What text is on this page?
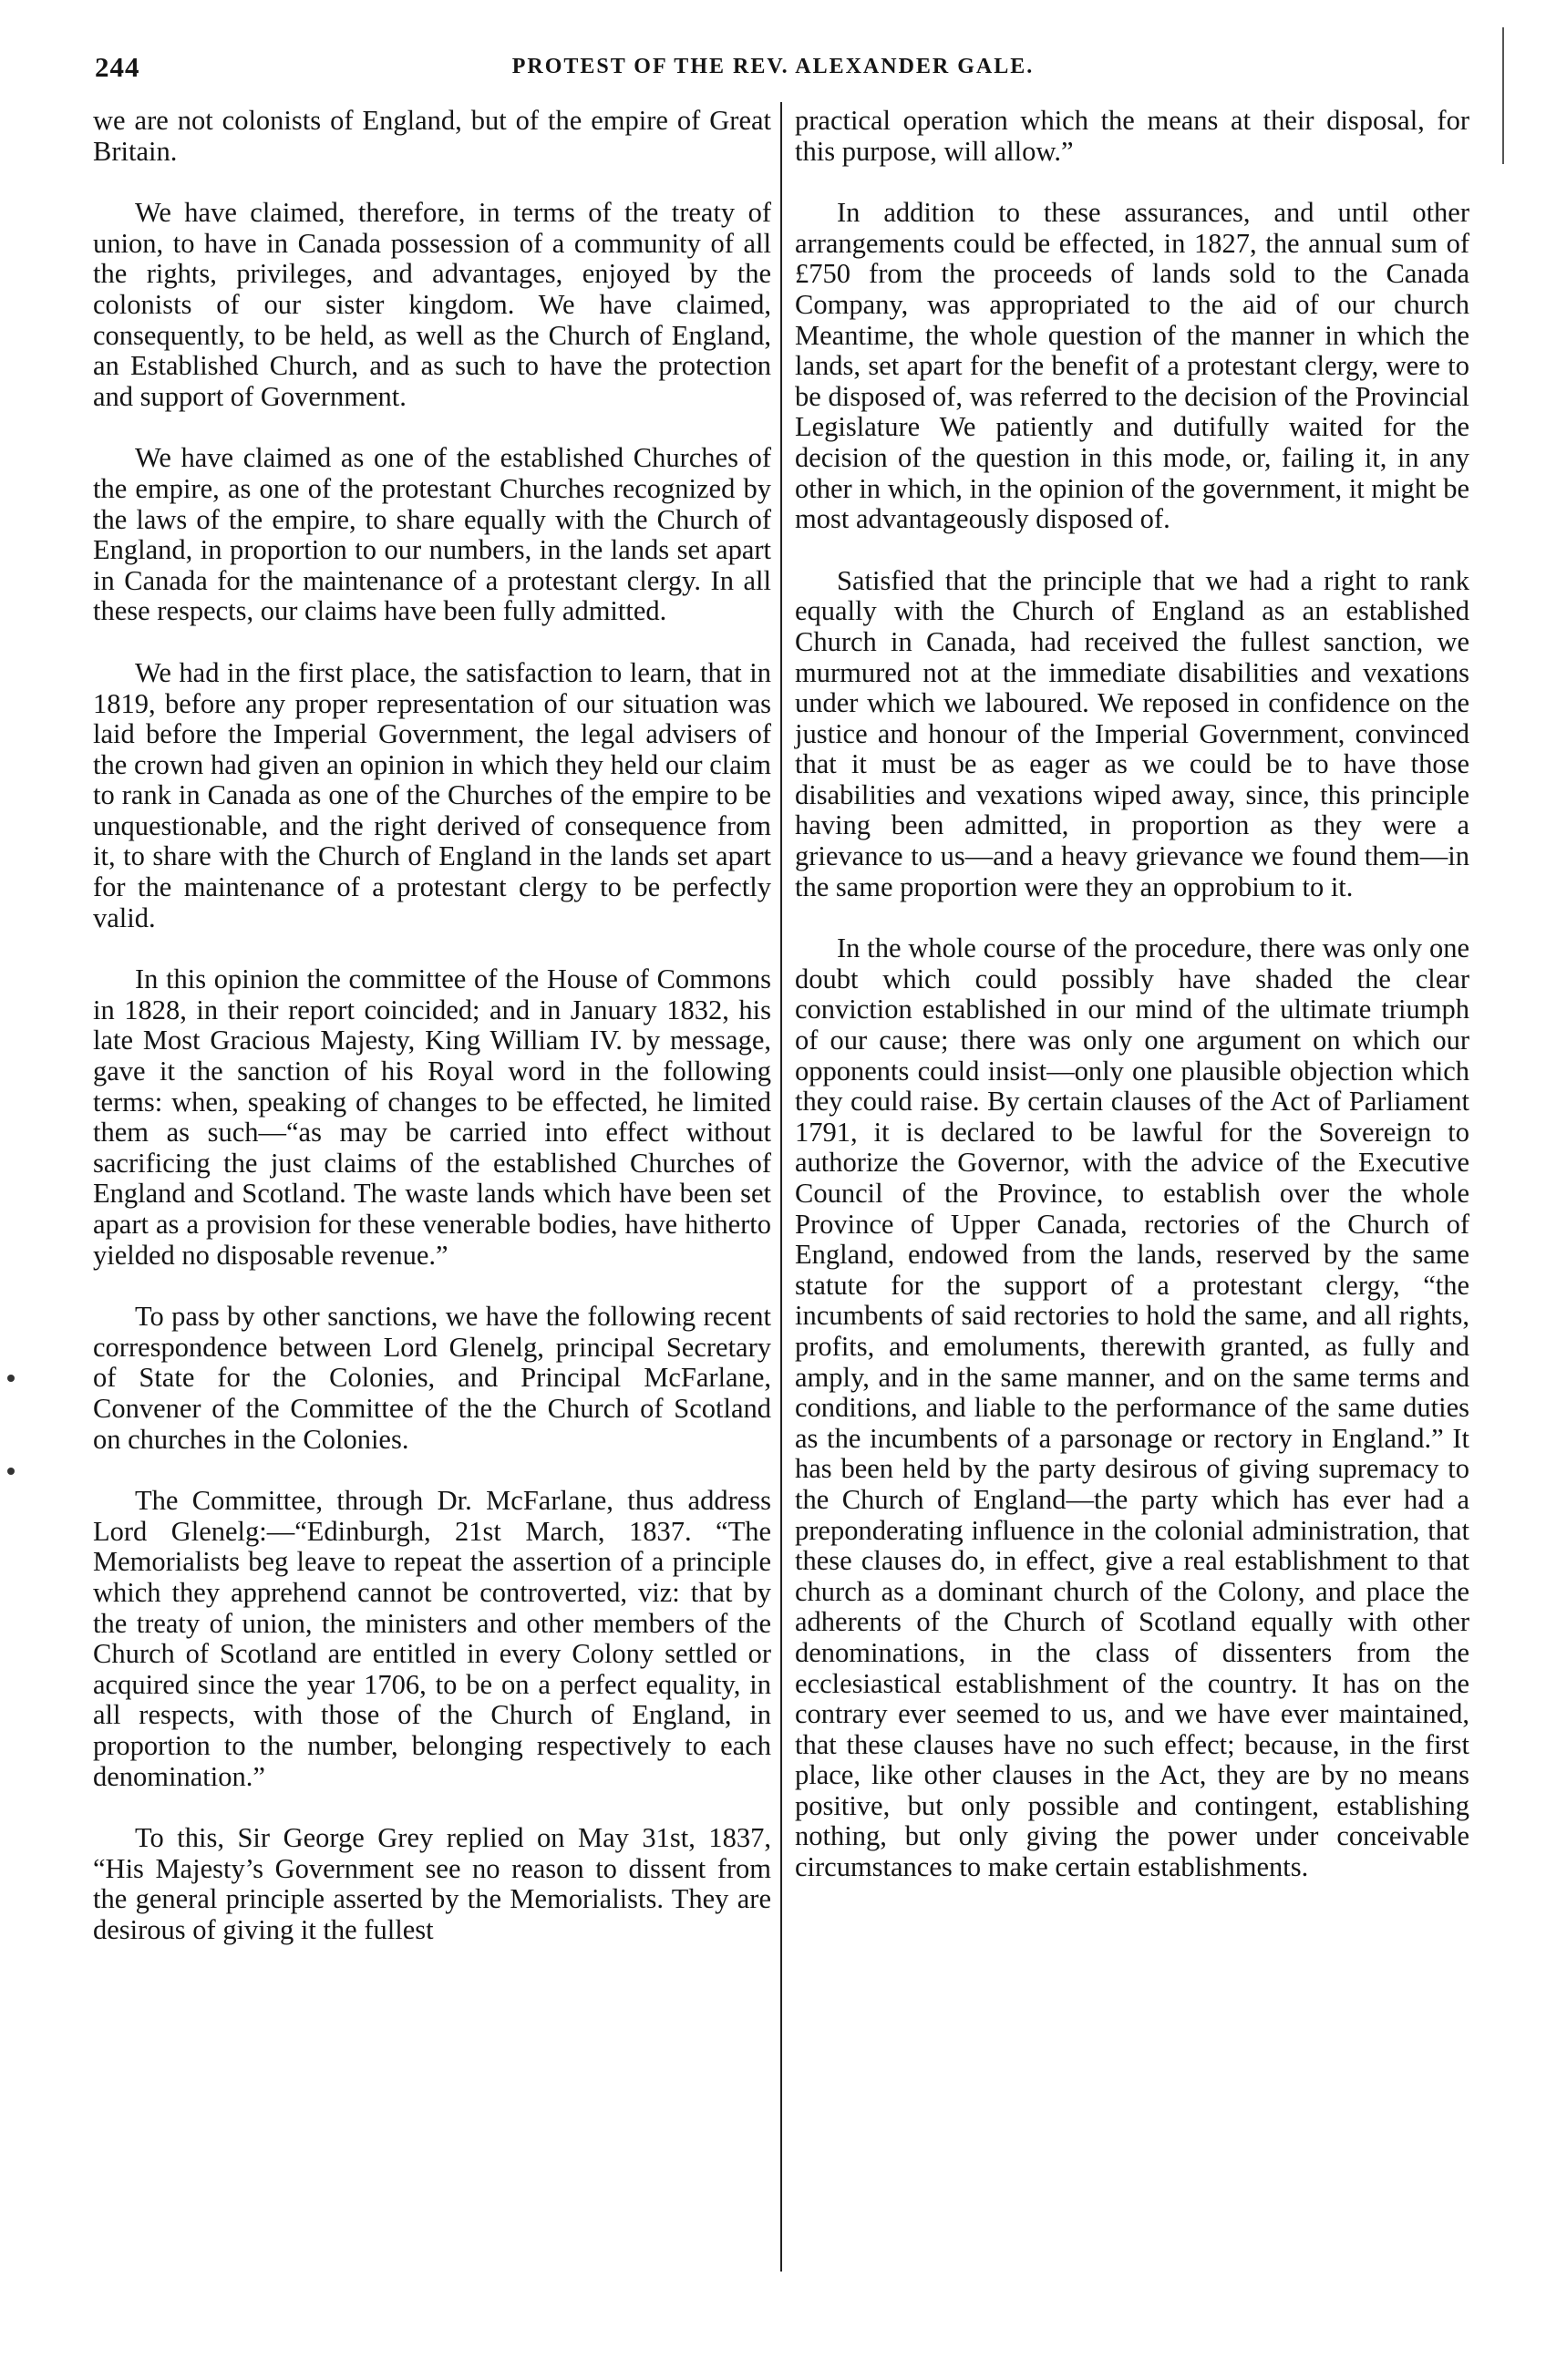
244	PROTEST OF THE REV. ALEXANDER GALE.

we are not colonists of England, but of the empire of Great Britain.

We have claimed, therefore, in terms of the treaty of union, to have in Canada possession of a community of all the rights, privileges, and advantages, enjoyed by the colonists of our sister kingdom. We have claimed, consequently, to be held, as well as the Church of England, an Established Church, and as such to have the protection and support of Government.

We have claimed as one of the established Churches of the empire, as one of the protestant Churches recognized by the laws of the empire, to share equally with the Church of England, in proportion to our numbers, in the lands set apart in Canada for the maintenance of a protestant clergy. In all these respects, our claims have been fully admitted.

We had in the first place, the satisfaction to learn, that in 1819, before any proper representation of our situation was laid before the Imperial Government, the legal advisers of the crown had given an opinion in which they held our claim to rank in Canada as one of the Churches of the empire to be unquestionable, and the right derived of consequence from it, to share with the Church of England in the lands set apart for the maintenance of a protestant clergy to be perfectly valid.

In this opinion the committee of the House of Commons in 1828, in their report coincided; and in January 1832, his late Most Gracious Majesty, King William IV. by message, gave it the sanction of his Royal word in the following terms: when, speaking of changes to be effected, he limited them as such—“as may be carried into effect without sacrificing the just claims of the established Churches of England and Scotland. The waste lands which have been set apart as a provision for these venerable bodies, have hitherto yielded no disposable revenue.”

To pass by other sanctions, we have the following recent correspondence between Lord Glenelg, principal Secretary of State for the Colonies, and Principal McFarlane, Convener of the Committee of the the Church of Scotland on churches in the Colonies.

The Committee, through Dr. McFarlane, thus address Lord Glenelg:—“Edinburgh, 21st March, 1837. “The Memorialists beg leave to repeat the assertion of a principle which they apprehend cannot be controverted, viz: that by the treaty of union, the ministers and other members of the Church of Scotland are entitled in every Colony settled or acquired since the year 1706, to be on a perfect equality, in all respects, with those of the Church of England, in proportion to the number, belonging respectively to each denomination.”

To this, Sir George Grey replied on May 31st, 1837, “His Majesty’s Government see no reason to dissent from the general principle asserted by the Memorialists. They are desirous of giving it the fullest

practical operation which the means at their disposal, for this purpose, will allow.”

In addition to these assurances, and until other arrangements could be effected, in 1827, the annual sum of £750 from the proceeds of lands sold to the Canada Company, was appropriated to the aid of our church Meantime, the whole question of the manner in which the lands, set apart for the benefit of a protestant clergy, were to be disposed of, was referred to the decision of the Provincial Legislature We patiently and dutifully waited for the decision of the question in this mode, or, failing it, in any other in which, in the opinion of the government, it might be most advantageously disposed of.

Satisfied that the principle that we had a right to rank equally with the Church of England as an established Church in Canada, had received the fullest sanction, we murmured not at the immediate disabilities and vexations under which we laboured. We reposed in confidence on the justice and honour of the Imperial Government, convinced that it must be as eager as we could be to have those disabilities and vexations wiped away, since, this principle having been admitted, in proportion as they were a grievance to us—and a heavy grievance we found them—in the same proportion were they an opprobium to it.

In the whole course of the procedure, there was only one doubt which could possibly have shaded the clear conviction established in our mind of the ultimate triumph of our cause; there was only one argument on which our opponents could insist—only one plausible objection which they could raise. By certain clauses of the Act of Parliament 1791, it is declared to be lawful for the Sovereign to authorize the Governor, with the advice of the Executive Council of the Province, to establish over the whole Province of Upper Canada, rectories of the Church of England, endowed from the lands, reserved by the same statute for the support of a protestant clergy, “the incumbents of said rectories to hold the same, and all rights, profits, and emoluments, therewith granted, as fully and amply, and in the same manner, and on the same terms and conditions, and liable to the performance of the same duties as the incumbents of a parsonage or rectory in England.” It has been held by the party desirous of giving supremacy to the Church of England—the party which has ever had a preponderating influence in the colonial administration, that these clauses do, in effect, give a real establishment to that church as a dominant church of the Colony, and place the adherents of the Church of Scotland equally with other denominations, in the class of dissenters from the ecclesiastical establishment of the country. It has on the contrary ever seemed to us, and we have ever maintained, that these clauses have no such effect; because, in the first place, like other clauses in the Act, they are by no means positive, but only possible and contingent, establishing nothing, but only giving the power under conceivable circumstances to make certain establishments.
